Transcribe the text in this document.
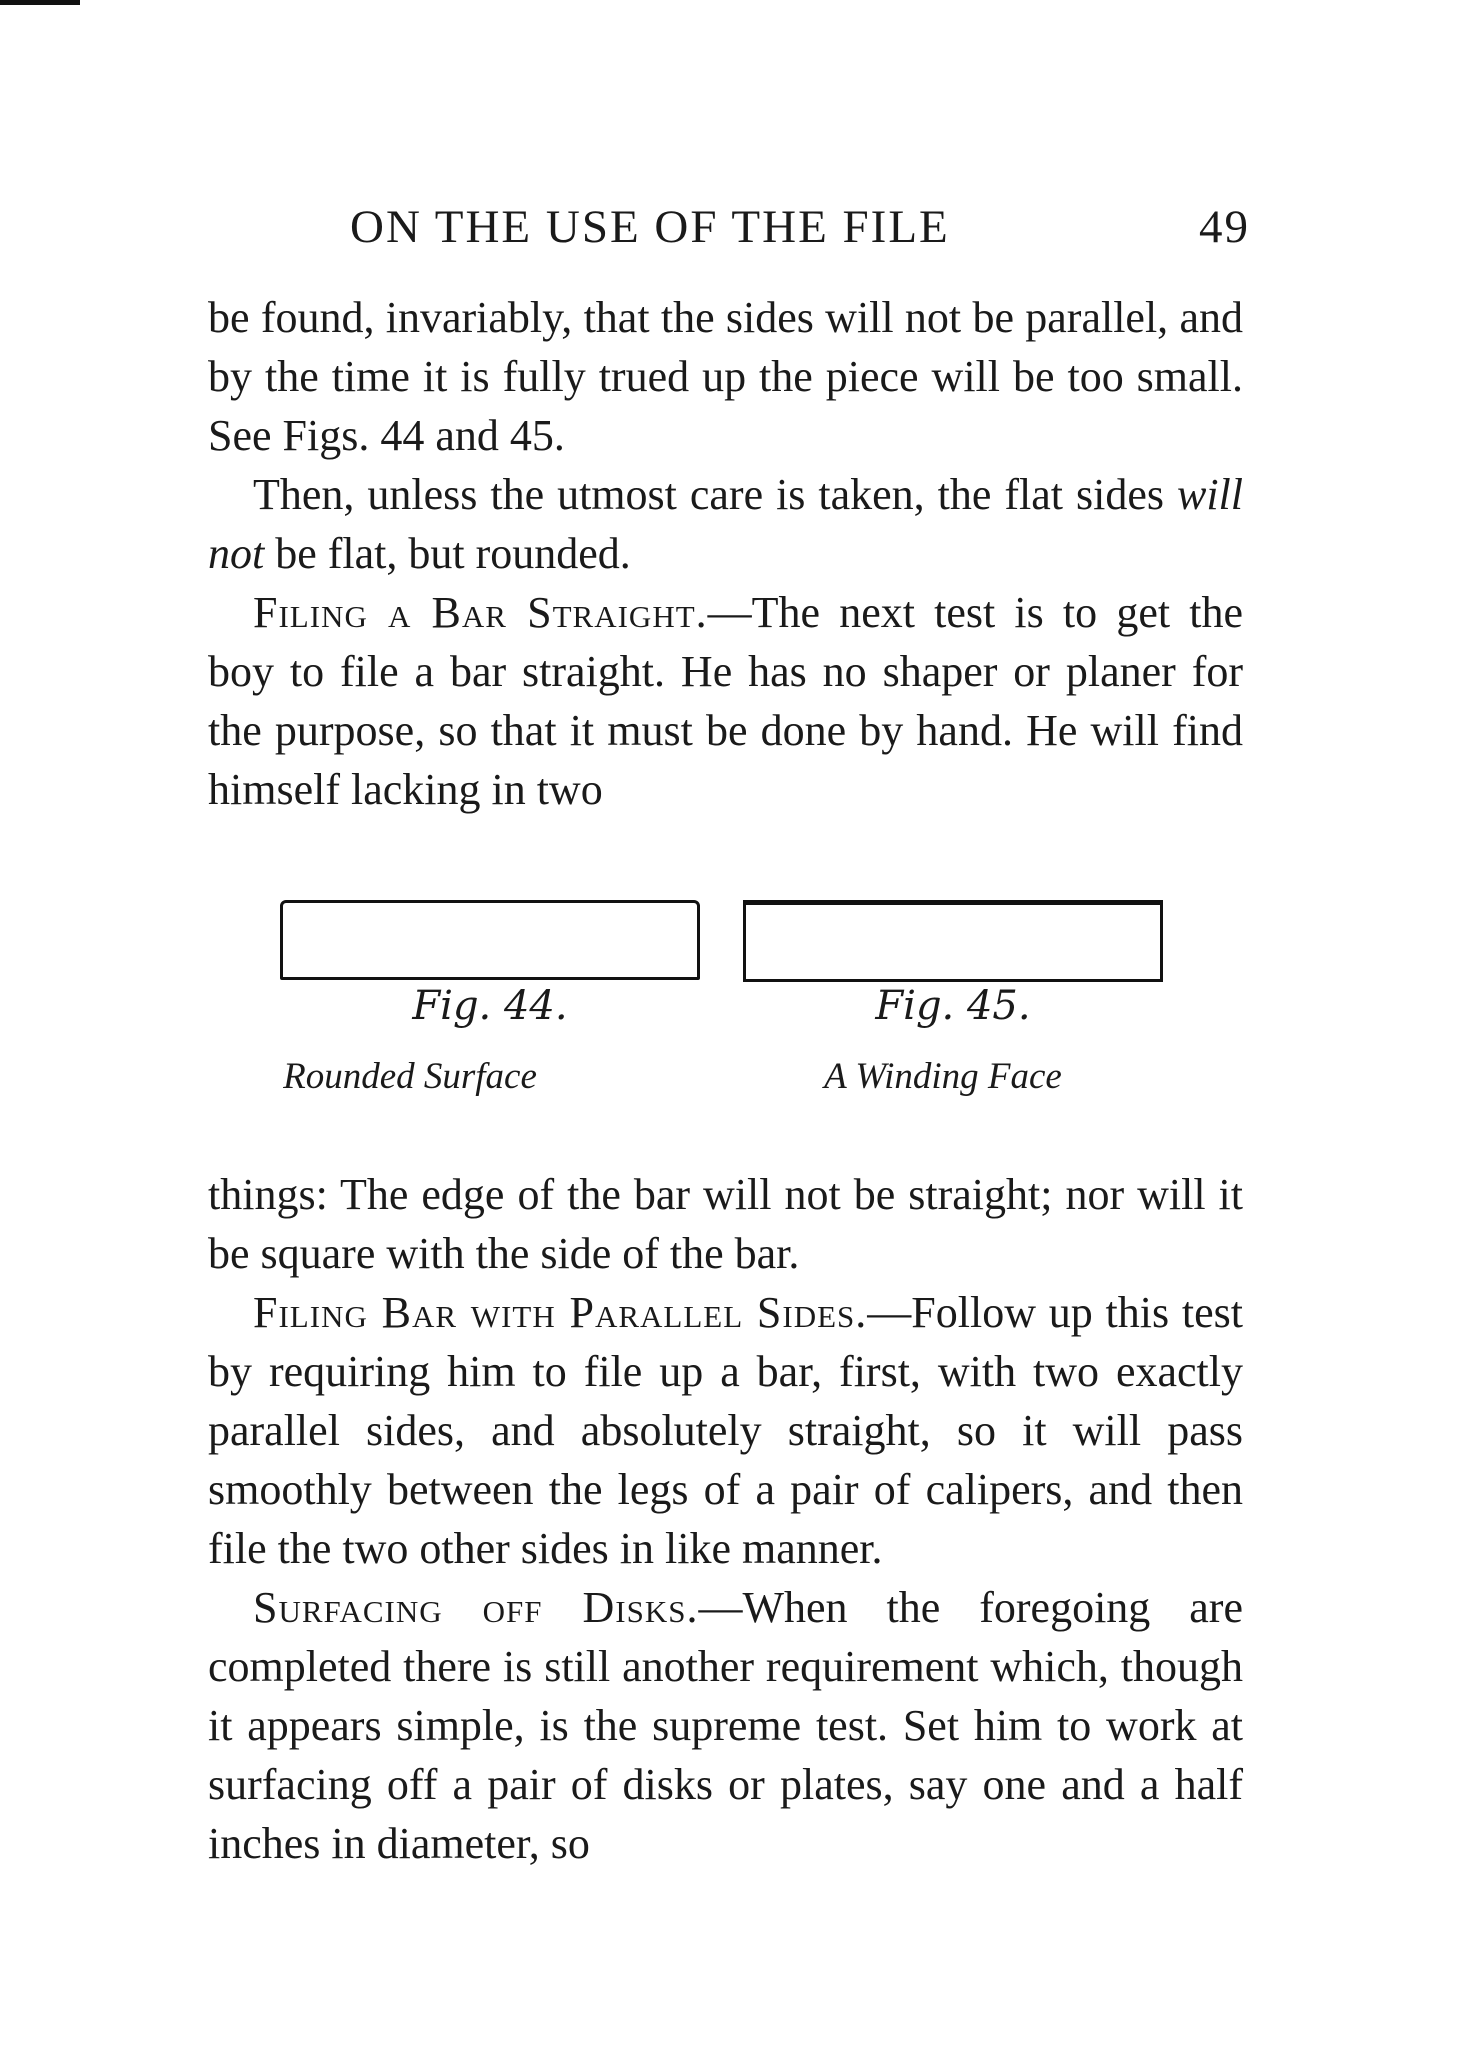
ON THE USE OF THE FILE	49

be found, invariably, that the sides will not be parallel, and by the time it is fully trued up the piece will be too small. See Figs. 44 and 45.

Then, unless the utmost care is taken, the flat sides will not be flat, but rounded.

Filing a Bar Straight.—The next test is to get the boy to file a bar straight. He has no shaper or planer for the purpose, so that it must be done by hand. He will find himself lacking in two

Fig. 44.
Rounded Surface
Fig. 45.
A Winding Face

things: The edge of the bar will not be straight; nor will it be square with the side of the bar.

Filing Bar with Parallel Sides.—Follow up this test by requiring him to file up a bar, first, with two exactly parallel sides, and absolutely straight, so it will pass smoothly between the legs of a pair of calipers, and then file the two other sides in like manner.

Surfacing off Disks.—When the foregoing are completed there is still another requirement which, though it appears simple, is the supreme test. Set him to work at surfacing off a pair of disks or plates, say one and a half inches in diameter, so
